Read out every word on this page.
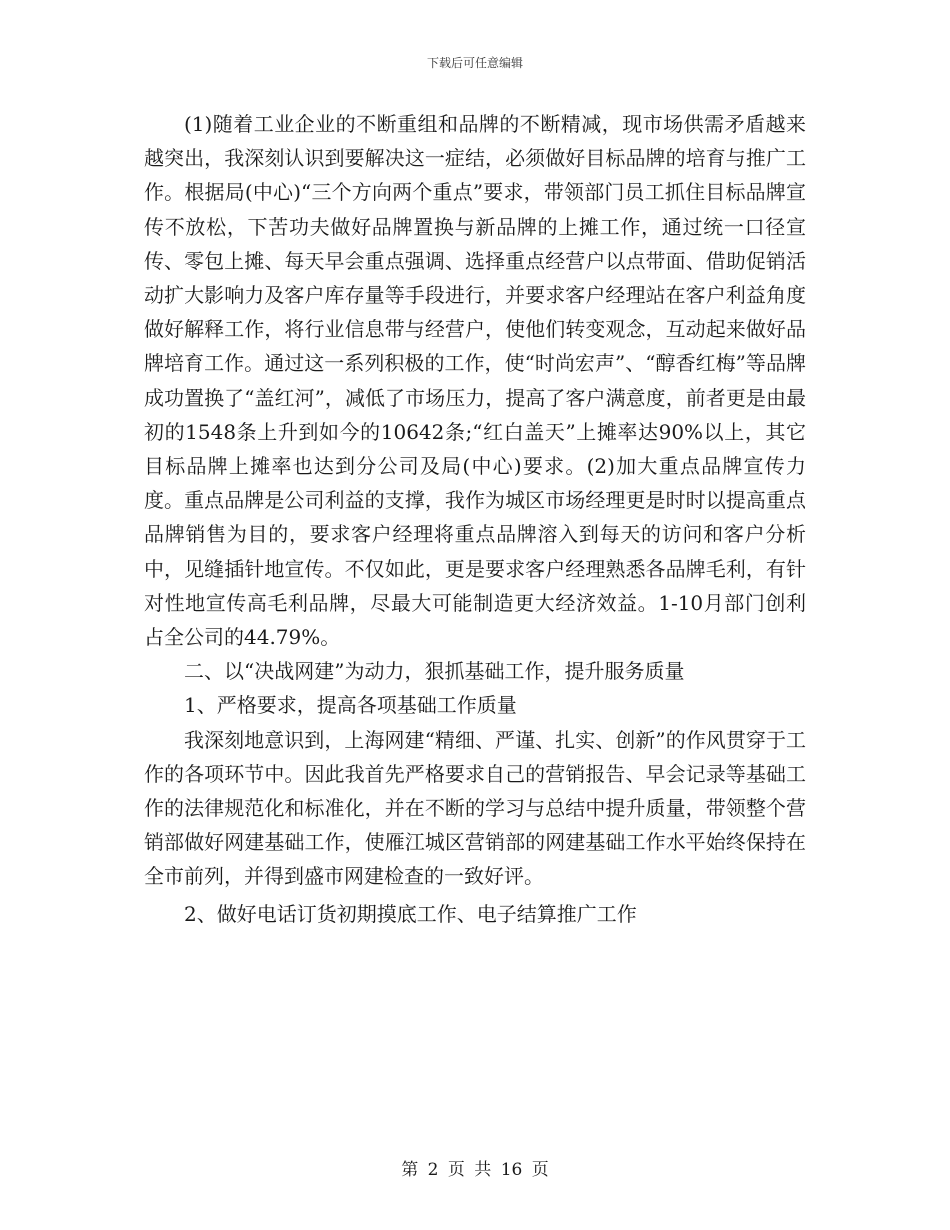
下载后可任意编辑

(1)随着工业企业的不断重组和品牌的不断精减，现市场供需矛盾越来越突出，我深刻认识到要解决这一症结，必须做好目标品牌的培育与推广工作。根据局(中心)“三个方向两个重点”要求，带领部门员工抓住目标品牌宣传不放松，下苦功夫做好品牌置换与新品牌的上摊工作，通过统一口径宣传、零包上摊、每天早会重点强调、选择重点经营户以点带面、借助促销活动扩大影响力及客户库存量等手段进行，并要求客户经理站在客户利益角度做好解释工作，将行业信息带与经营户，使他们转变观念，互动起来做好品牌培育工作。通过这一系列积极的工作，使“时尚宏声”、“醇香红梅”等品牌成功置换了“盖红河”，减低了市场压力，提高了客户满意度，前者更是由最初的1548条上升到如今的10642条;“红白盖天”上摊率达90%以上，其它目标品牌上摊率也达到分公司及局(中心)要求。(2)加大重点品牌宣传力度。重点品牌是公司利益的支撑，我作为城区市场经理更是时时以提高重点品牌销售为目的，要求客户经理将重点品牌溶入到每天的访问和客户分析中，见缝插针地宣传。不仅如此，更是要求客户经理熟悉各品牌毛利，有针对性地宣传高毛利品牌，尽最大可能制造更大经济效益。1-10月部门创利占全公司的44.79%。

二、以“决战网建”为动力，狠抓基础工作，提升服务质量

1、严格要求，提高各项基础工作质量

我深刻地意识到，上海网建“精细、严谨、扎实、创新”的作风贯穿于工作的各项环节中。因此我首先严格要求自己的营销报告、早会记录等基础工作的法律规范化和标准化，并在不断的学习与总结中提升质量，带领整个营销部做好网建基础工作，使雁江城区营销部的网建基础工作水平始终保持在全市前列，并得到盛市网建检查的一致好评。

2、做好电话订货初期摸底工作、电子结算推广工作

第 2 页 共 16 页
